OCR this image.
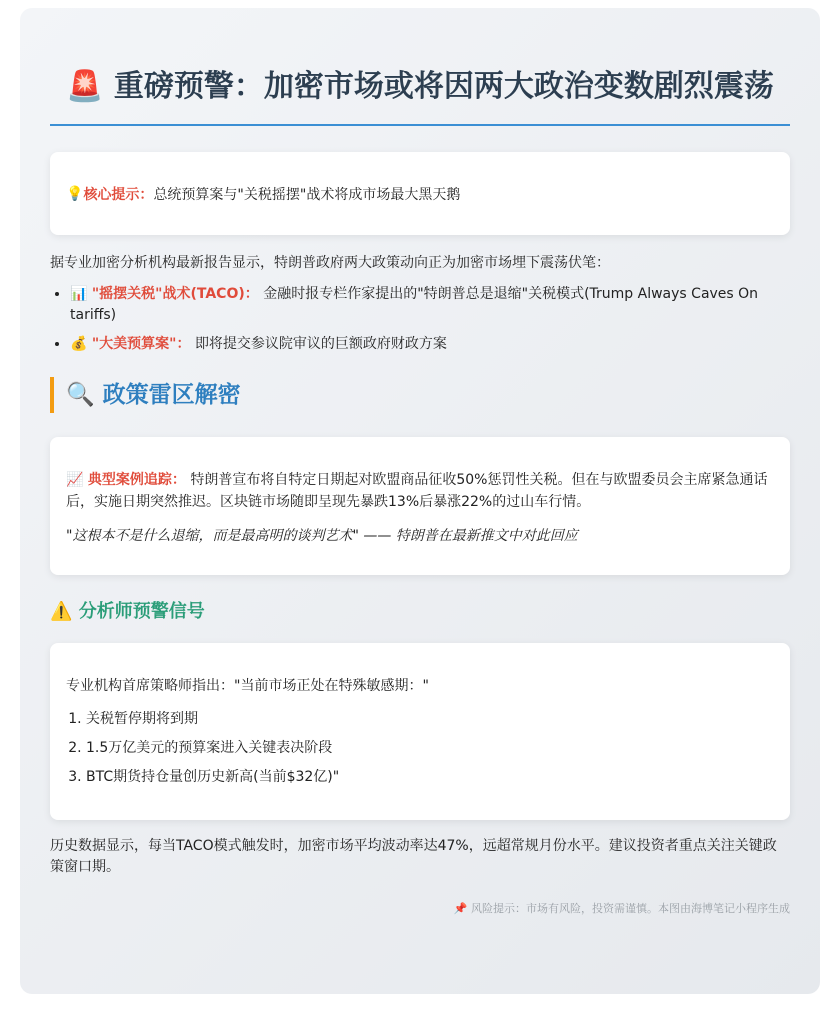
🚨 重磅预警：加密市场或将因两大政治变数剧烈震荡
💡 核心提示： 总统预算案与"关税摇摆"战术将成市场最大黑天鹅

据专业加密分析机构最新报告显示，特朗普政府两大政策动向正为加密市场埋下震荡伏笔：

• 📊 "摇摆关税"战术(TACO)： 金融时报专栏作家提出的"特朗普总是退缩"关税模式(Trump Always Caves On tariffs)
• 💰 "大美预算案"： 即将提交参议院审议的巨额政府财政方案
🔍 政策雷区解密

📈 典型案例追踪： 特朗普宣布将自特定日期起对欧盟商品征收50%惩罚性关税。但在与欧盟委员会主席紧急通话后，实施日期突然推迟。区块链市场随即呈现先暴跌13%后暴涨22%的过山车行情。

"这根本不是什么退缩，而是最高明的谈判艺术" —— 特朗普在最新推文中对此回应

⚠️ 分析师预警信号

专业机构首席策略师指出："当前市场正处在特殊敏感期："

1. 关税暂停期将到期
2. 1.5万亿美元的预算案进入关键表决阶段
3. BTC期货持仓量创历史新高(当前$32亿)"

历史数据显示，每当TACO模式触发时，加密市场平均波动率达47%，远超常规月份水平。建议投资者重点关注关键政策窗口期。

📌 风险提示：市场有风险，投资需谨慎。本图由海博笔记小程序生成
